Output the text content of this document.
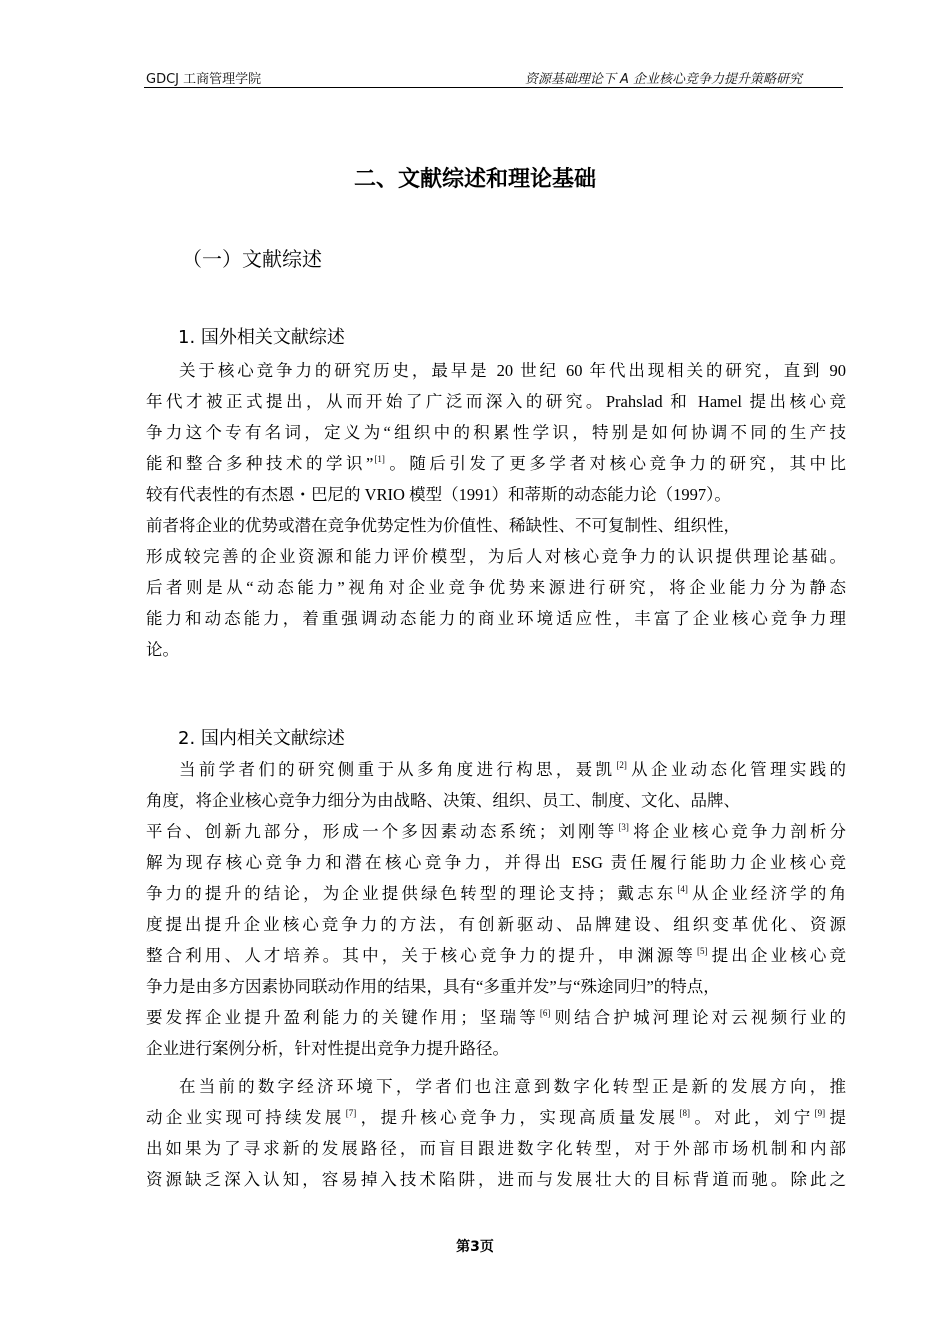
GDCJ 工商管理学院	资源基础理论下 A 企业核心竞争力提升策略研究
二、文献综述和理论基础
（一）文献综述
1. 国外相关文献综述
关于核心竞争力的研究历史，最早是 20 世纪 60 年代出现相关的研究，直到 90
年代才被正式提出，从而开始了广泛而深入的研究。Prahslad 和 Hamel 提出核心竞
争力这个专有名词，定义为“组织中的积累性学识，特别是如何协调不同的生产技
能和整合多种技术的学识”[1]。随后引发了更多学者对核心竞争力的研究，其中比
较有代表性的有杰恩・巴尼的 VRIO 模型（1991）和蒂斯的动态能力论（1997）。
前者将企业的优势或潜在竞争优势定性为价值性、稀缺性、不可复制性、组织性，
形成较完善的企业资源和能力评价模型，为后人对核心竞争力的认识提供理论基础。
后者则是从“动态能力”视角对企业竞争优势来源进行研究，将企业能力分为静态
能力和动态能力，着重强调动态能力的商业环境适应性，丰富了企业核心竞争力理
论。
2. 国内相关文献综述
当前学者们的研究侧重于从多角度进行构思，聂凯[2]从企业动态化管理实践的
角度，将企业核心竞争力细分为由战略、决策、组织、员工、制度、文化、品牌、
平台、创新九部分，形成一个多因素动态系统；刘刚等[3]将企业核心竞争力剖析分
解为现存核心竞争力和潜在核心竞争力，并得出 ESG 责任履行能助力企业核心竞
争力的提升的结论，为企业提供绿色转型的理论支持；戴志东[4]从企业经济学的角
度提出提升企业核心竞争力的方法，有创新驱动、品牌建设、组织变革优化、资源
整合利用、人才培养。其中，关于核心竞争力的提升，申渊源等[5]提出企业核心竞
争力是由多方因素协同联动作用的结果，具有“多重并发”与“殊途同归”的特点，
要发挥企业提升盈利能力的关键作用；坚瑞等[6]则结合护城河理论对云视频行业的
企业进行案例分析，针对性提出竞争力提升路径。
在当前的数字经济环境下，学者们也注意到数字化转型正是新的发展方向，推
动企业实现可持续发展[7]，提升核心竞争力，实现高质量发展[8]。对此，刘宁[9]提
出如果为了寻求新的发展路径，而盲目跟进数字化转型，对于外部市场机制和内部
资源缺乏深入认知，容易掉入技术陷阱，进而与发展壮大的目标背道而驰。除此之
第3页
